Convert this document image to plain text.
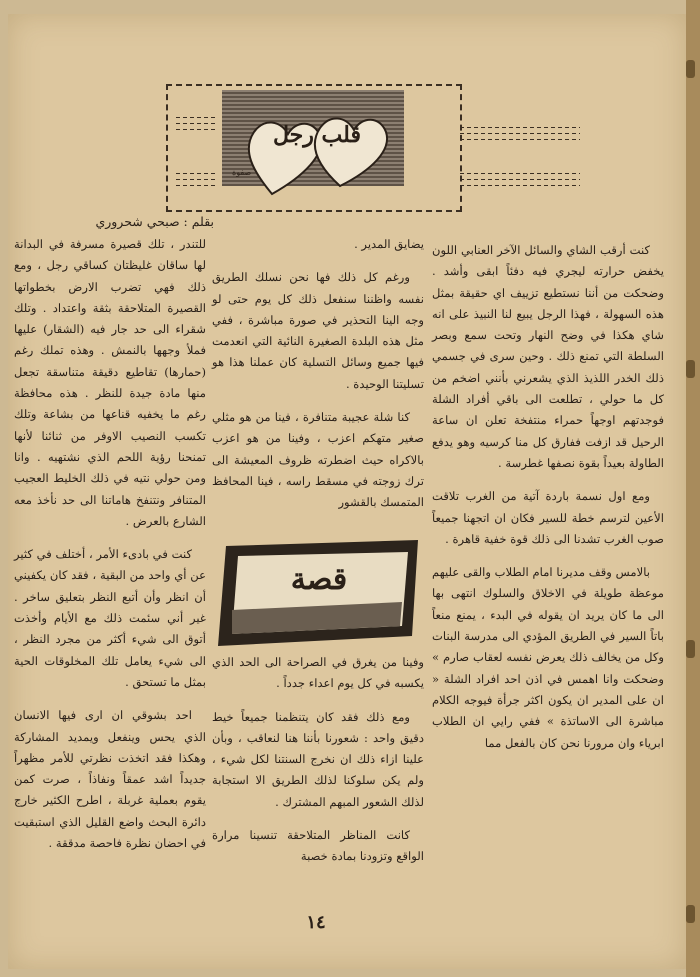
قلب رجل
صفوة
بقلم : صبحي شحروري

كنت أرقب الشاي والسائل الآخر العنابي اللون يخفض حرارته ليجري فيه دفئاً ابقى وأشد . وضحكت من أننا نستطيع تزييف اي حقيقة بمثل هذه السهولة ، فهذا الرجل يبيع لنا النبيذ على انه شاي هكذا في وضح النهار وتحت سمع وبصر السلطة التي تمنع ذلك . وحين سرى في جسمي ذلك الخدر اللذيذ الذي يشعرني بأنني اضخم من كل ما حولي ، تطلعت الى باقي أفراد الشلة فوجدتهم اوجهاً حمراء منتفخة تعلن ان ساعة الرحيل قد ازفت ففارق كل منا كرسيه وهو يدفع الطاولة بعيداً بقوة نصفها غطرسة .

ومع اول نسمة باردة آتية من الغرب تلاقت الأعين لترسم خطة للسير فكان ان اتجهنا جميعاً صوب الغرب تشدنا الى ذلك قوة خفية قاهرة .

بالامس وقف مديرنا امام الطلاب والقى عليهم موعظة طويلة في الاخلاق والسلوك انتهى بها الى ما كان يريد ان يقوله في البدء ، يمنع منعاً باتاً السير في الطريق المؤدي الى مدرسة البنات وكل من يخالف ذلك يعرض نفسه لعقاب صارم » وضحكت وانا اهمس في اذن احد افراد الشلة « ان على المدير ان يكون اكثر جرأة فيوجه الكلام مباشرة الى الاساتذة » ففي رايي ان الطلاب ابرياء وان مرورنا نحن كان بالفعل مما

يضايق المدير .

ورغم كل ذلك فها نحن نسلك الطريق نفسه واظننا سنفعل ذلك كل يوم حتى لو وجه الينا التحذير في صورة مباشرة ، ففي مثل هذه البلدة الصغيرة النائية التي انعدمت فيها جميع وسائل التسلية كان عملنا هذا هو تسليتنا الوحيدة .

كنا شلة عجيبة متنافرة ، فينا من هو مثلي صغير متهكم اعزب ، وفينا من هو اعزب بالاكراه حيث اضطرته ظروف المعيشة الى ترك زوجته في مسقط راسه ، فينا المحافظ المتمسك بالقشور

قصة

وفينا من يغرق في الصراحة الى الحد الذي يكسبه في كل يوم اعداء جدداً .

ومع ذلك فقد كان يتنظمنا جميعاً خيط دقيق واحد : شعورنا بأننا هنا لنعاقب ، وبأن علينا ازاء ذلك ان نخرج السنتنا لكل شيء ، ولم يكن سلوكنا لذلك الطريق الا استجابة لذلك الشعور المبهم المشترك .

كانت المناظر المتلاحقة تنسينا مرارة الواقع وتزودنا بمادة خصبة

للتندر ، تلك قصيرة مسرفة في البدانة لها ساقان غليظتان كساقي رجل ، ومع ذلك فهي تضرب الارض بخطواتها القصيرة المتلاحقة بثقة واعتداد . وتلك شقراء الى حد جار فيه (الشقار) عليها فملأ وجهها بالنمش . وهذه تملك رغم (حمارها) تقاطيع دقيقة متناسقة تجعل منها مادة جيدة للنظر . هذه محافظة رغم ما يخفيه قناعها من بشاعة وتلك تكسب النصيب الاوفر من ثنائنا لأنها تمنحنا رؤية اللحم الذي نشتهيه . وانا ومن حولي نتيه في ذلك الخليط العجيب المتنافر ونتنفخ هاماتنا الى حد نأخذ معه الشارع بالعرض .

كنت في بادىء الأمر ، أختلف في كثير عن أي واحد من البقية ، فقد كان يكفيني أن انظر وأن أتبع النظر بتعليق ساخر . غير أني سئمت ذلك مع الأيام وأخذت أتوق الى شيء أكثر من مجرد النظر ، الى شيء يعامل تلك المخلوقات الحية بمثل ما تستحق .

احد بشوقي ان ارى فيها الانسان الذي يحس وينفعل ويمديد المشاركة وهكذا فقد اتخذت نظرتي للأمر مظهراً جديداً اشد عمقاً ونفاذاً ، صرت كمن يقوم بعملية غربلة ، اطرح الكثير خارج دائرة البحث واضع القليل الذي استبقيت في احضان نظرة فاحصة مدققة .

١٤
